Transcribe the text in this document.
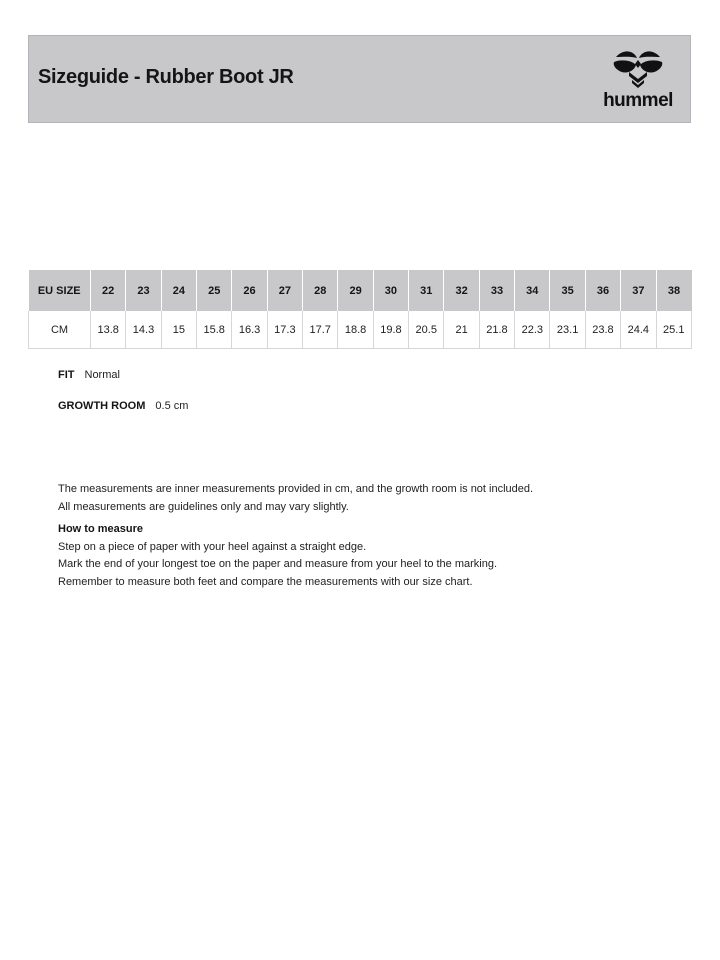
Sizeguide - Rubber Boot JR
hummel
EU SIZE	22	23	24	25	26	27	28	29	30	31	32	33	34	35	36	37	38
CM	13.8	14.3	15	15.8	16.3	17.3	17.7	18.8	19.8	20.5	21	21.8	22.3	23.1	23.8	24.4	25.1
FIT Normal
GROWTH ROOM 0.5 cm

The measurements are inner measurements provided in cm, and the growth room is not included.

All measurements are guidelines only and may vary slightly.

How to measure

Step on a piece of paper with your heel against a straight edge.

Mark the end of your longest toe on the paper and measure from your heel to the marking.

Remember to measure both feet and compare the measurements with our size chart.
